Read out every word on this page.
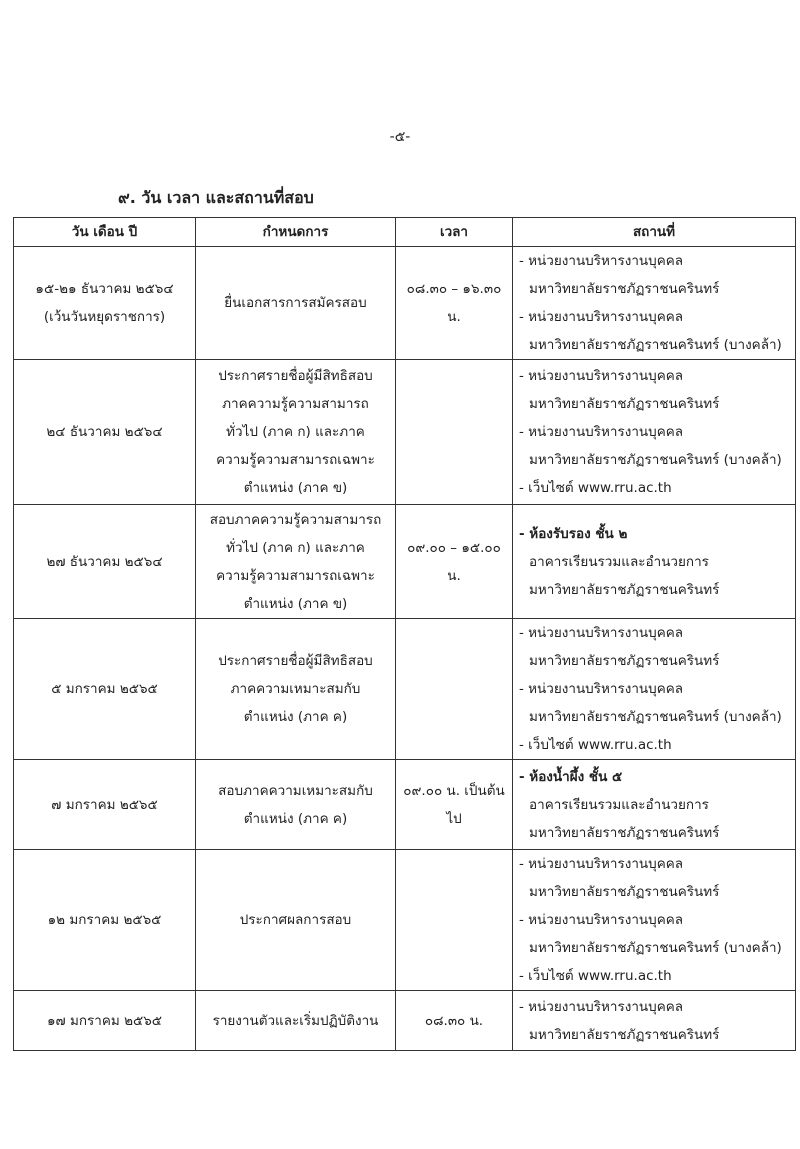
-๕-
๙. วัน เวลา และสถานที่สอบ
วัน เดือน ปี	กำหนดการ	เวลา	สถานที่

๑๕-๒๑ ธันวาคม ๒๕๖๔
(เว้นวันหยุดราชการ)	ยื่นเอกสารการสมัครสอบ	๐๘.๓๐ – ๑๖.๓๐ น.	- หน่วยงานบริหารงานบุคคล
มหาวิทยาลัยราชภัฏราชนครินทร์
- หน่วยงานบริหารงานบุคคล
มหาวิทยาลัยราชภัฏราชนครินทร์ (บางคล้า)

๒๔ ธันวาคม ๒๕๖๔	ประกาศรายชื่อผู้มีสิทธิสอบ
ภาคความรู้ความสามารถ
ทั่วไป (ภาค ก) และภาค
ความรู้ความสามารถเฉพาะ
ตำแหน่ง (ภาค ข)		- หน่วยงานบริหารงานบุคคล
มหาวิทยาลัยราชภัฏราชนครินทร์
- หน่วยงานบริหารงานบุคคล
มหาวิทยาลัยราชภัฏราชนครินทร์ (บางคล้า)
- เว็บไซต์ www.rru.ac.th

๒๗ ธันวาคม ๒๕๖๔	สอบภาคความรู้ความสามารถ
ทั่วไป (ภาค ก) และภาค
ความรู้ความสามารถเฉพาะ
ตำแหน่ง (ภาค ข)	๐๙.๐๐ – ๑๕.๐๐ น.	- ห้องรับรอง ชั้น ๒
อาคารเรียนรวมและอำนวยการ
มหาวิทยาลัยราชภัฏราชนครินทร์

๕ มกราคม ๒๕๖๕	ประกาศรายชื่อผู้มีสิทธิสอบ
ภาคความเหมาะสมกับ
ตำแหน่ง (ภาค ค)		- หน่วยงานบริหารงานบุคคล
มหาวิทยาลัยราชภัฏราชนครินทร์
- หน่วยงานบริหารงานบุคคล
มหาวิทยาลัยราชภัฏราชนครินทร์ (บางคล้า)
- เว็บไซต์ www.rru.ac.th

๗ มกราคม ๒๕๖๕	สอบภาคความเหมาะสมกับ
ตำแหน่ง (ภาค ค)	๐๙.๐๐ น. เป็นต้นไป	- ห้องน้ำผึ้ง ชั้น ๕
อาคารเรียนรวมและอำนวยการ
มหาวิทยาลัยราชภัฏราชนครินทร์

๑๒ มกราคม ๒๕๖๕	ประกาศผลการสอบ		- หน่วยงานบริหารงานบุคคล
มหาวิทยาลัยราชภัฏราชนครินทร์
- หน่วยงานบริหารงานบุคคล
มหาวิทยาลัยราชภัฏราชนครินทร์ (บางคล้า)
- เว็บไซต์ www.rru.ac.th

๑๗ มกราคม ๒๕๖๕	รายงานตัวและเริ่มปฏิบัติงาน	๐๘.๓๐ น.	- หน่วยงานบริหารงานบุคคล
มหาวิทยาลัยราชภัฏราชนครินทร์
